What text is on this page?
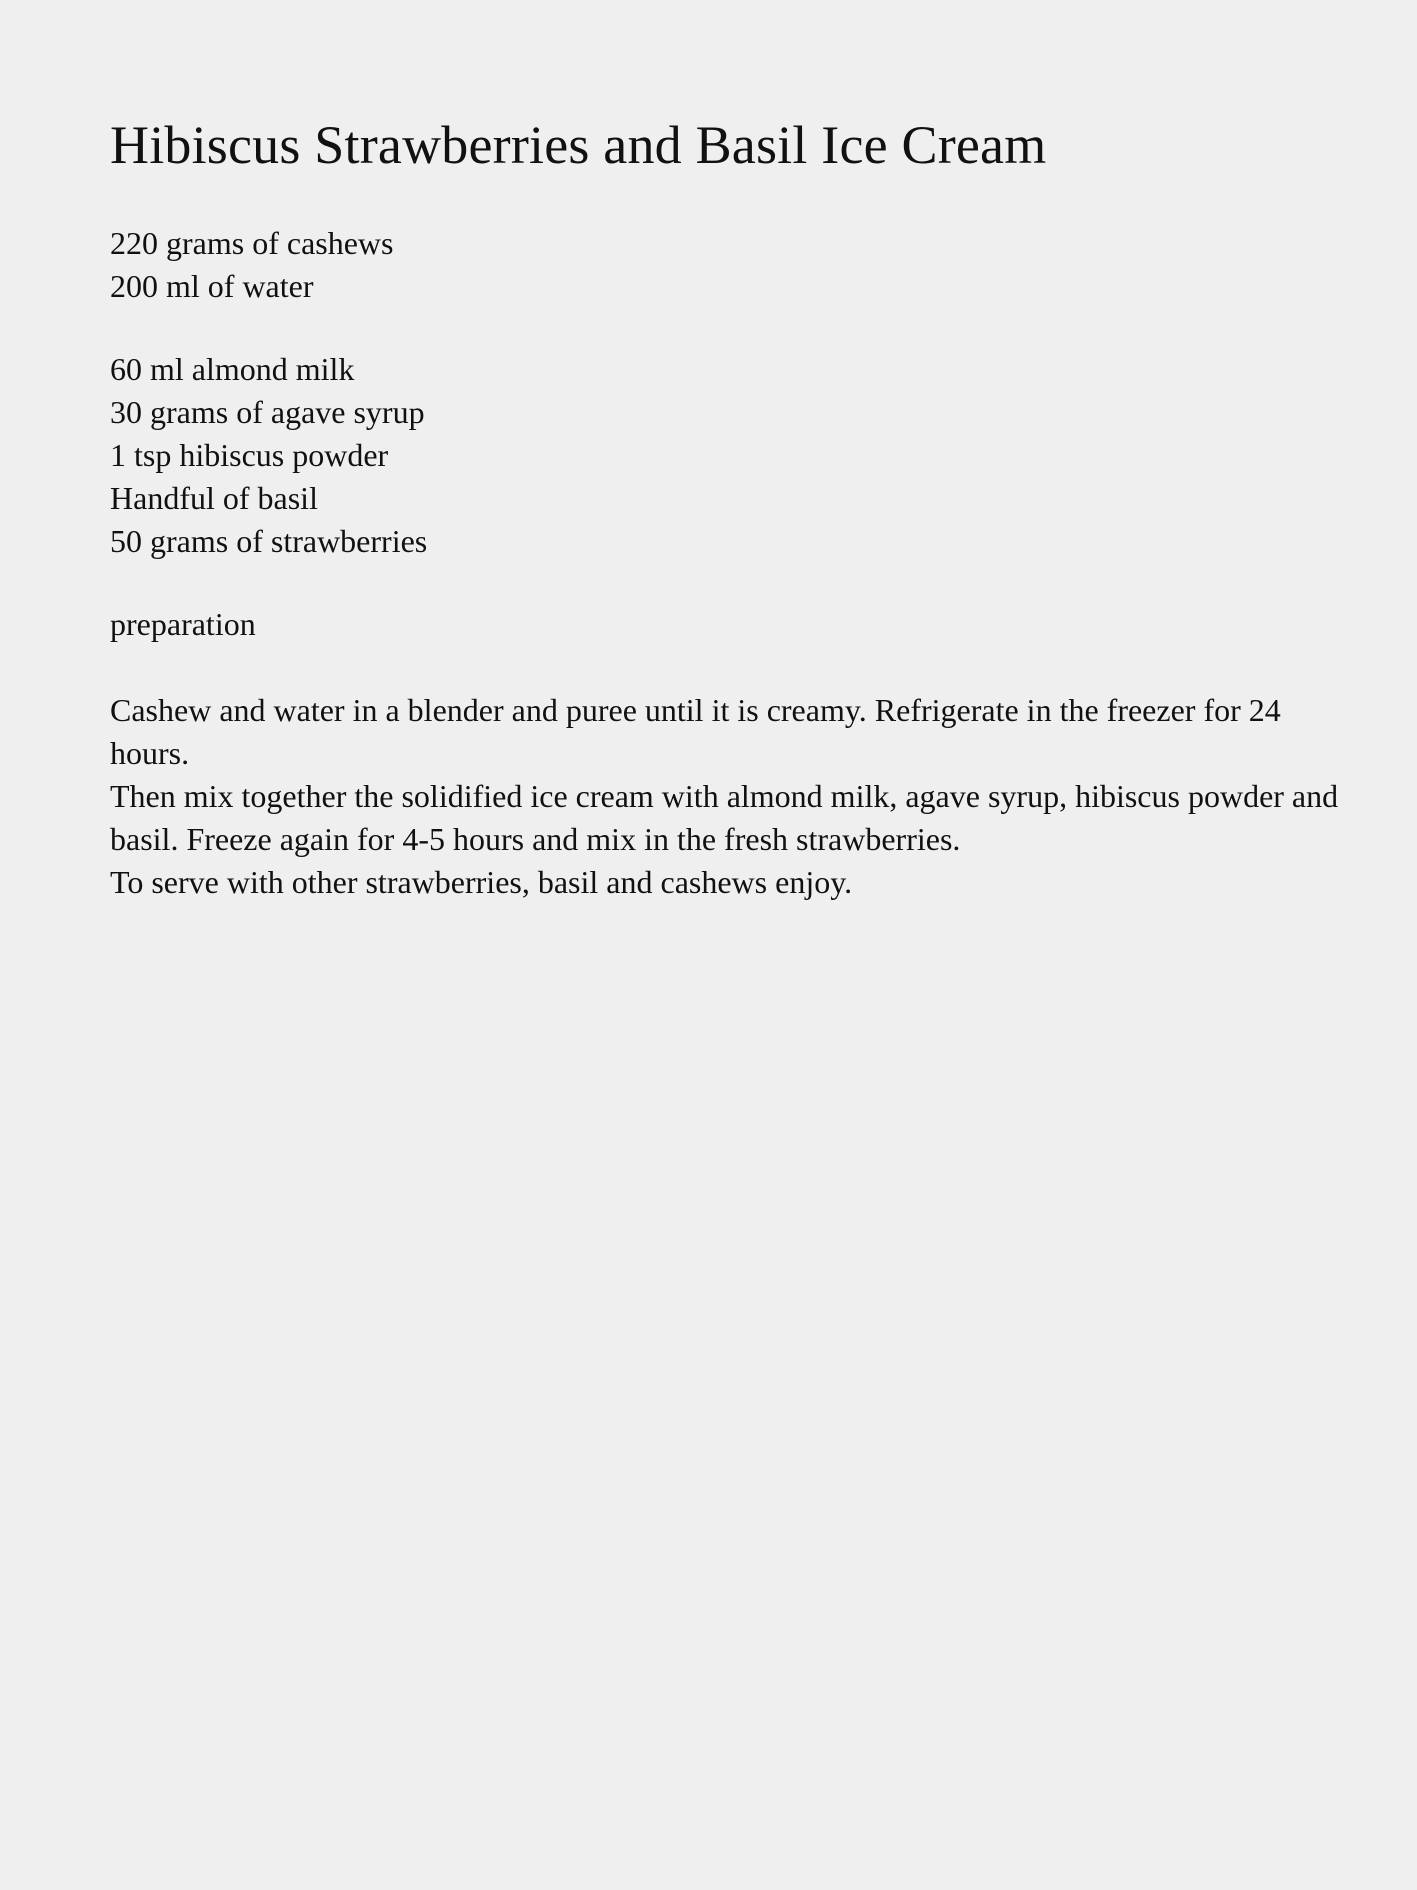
Hibiscus Strawberries and Basil Ice Cream
220 grams of cashews
200 ml of water
60 ml almond milk
30 grams of agave syrup
1 tsp hibiscus powder
Handful of basil
50 grams of strawberries
preparation

Cashew and water in a blender and puree until it is creamy. Refrigerate in the freezer for 24 hours.

Then mix together the solidified ice cream with almond milk, agave syrup, hibiscus powder and basil. Freeze again for 4-5 hours and mix in the fresh strawberries.

To serve with other strawberries, basil and cashews enjoy.
